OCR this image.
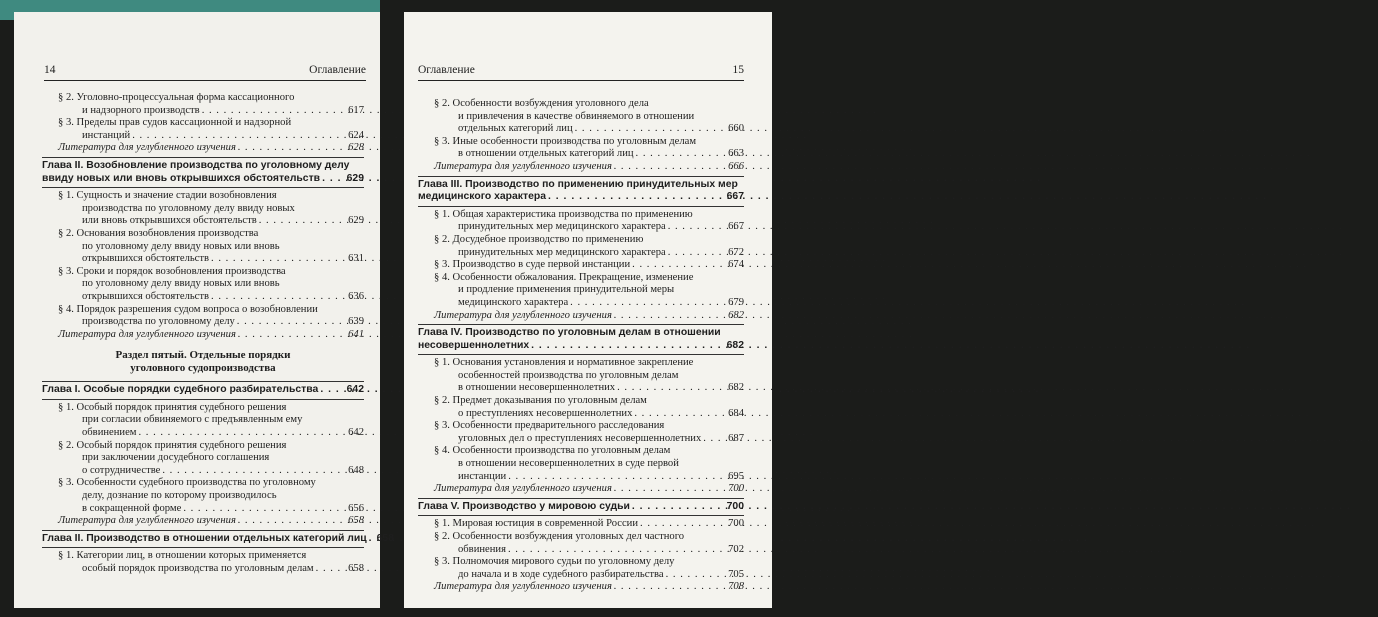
14	Оглавление
§ 2. Уголовно-процессуальная форма кассационного
и надзорного производств . . .	617
§ 3. Пределы прав судов кассационной и надзорной
инстанций . . .	624
Литература для углубленного изучения . . .	628
Глава II. Возобновление производства по уголовному делу
ввиду новых или вновь открывшихся обстоятельств . . .	629
§ 1. Сущность и значение стадии возобновления
производства по уголовному делу ввиду новых
или вновь открывшихся обстоятельств . . .	629
§ 2. Основания возобновления производства
по уголовному делу ввиду новых или вновь
открывшихся обстоятельств . . .	631
§ 3. Сроки и порядок возобновления производства
по уголовному делу ввиду новых или вновь
открывшихся обстоятельств . . .	636
§ 4. Порядок разрешения судом вопроса о возобновлении
производства по уголовному делу . . .	639
Литература для углубленного изучения . . .	641
Раздел пятый. Отдельные порядки
уголовного судопроизводства
Глава I. Особые порядки судебного разбирательства . . .	642
§ 1. Особый порядок принятия судебного решения
при согласии обвиняемого с предъявленным ему
обвинением . . .	642
§ 2. Особый порядок принятия судебного решения
при заключении досудебного соглашения
о сотрудничестве . . .	648
§ 3. Особенности судебного производства по уголовному
делу, дознание по которому производилось
в сокращенной форме . . .	656
Литература для углубленного изучения . . .	658
Глава II. Производство в отношении отдельных категорий лиц . . . 658
§ 1. Категории лиц, в отношении которых применяется
особый порядок производства по уголовным делам . . .	658
Оглавление	15
§ 2. Особенности возбуждения уголовного дела
и привлечения в качестве обвиняемого в отношении
отдельных категорий лиц . . .	660
§ 3. Иные особенности производства по уголовным делам
в отношении отдельных категорий лиц . . .	663
Литература для углубленного изучения . . .	666
Глава III. Производство по применению принудительных мер
медицинского характера . . .	667
§ 1. Общая характеристика производства по применению
принудительных мер медицинского характера . . .	667
§ 2. Досудебное производство по применению
принудительных мер медицинского характера . . .	672
§ 3. Производство в суде первой инстанции . . .	674
§ 4. Особенности обжалования. Прекращение, изменение
и продление применения принудительной меры
медицинского характера . . .	679
Литература для углубленного изучения . . .	682
Глава IV. Производство по уголовным делам в отношении
несовершеннолетних . . .	682
§ 1. Основания установления и нормативное закрепление
особенностей производства по уголовным делам
в отношении несовершеннолетних . . .	682
§ 2. Предмет доказывания по уголовным делам
о преступлениях несовершеннолетних . . .	684
§ 3. Особенности предварительного расследования
уголовных дел о преступлениях несовершеннолетних . . .	687
§ 4. Особенности производства по уголовным делам
в отношении несовершеннолетних в суде первой
инстанции . . .	695
Литература для углубленного изучения . . .	700
Глава V. Производство у мировою судьи . . .	700
§ 1. Мировая юстиция в современной России . . .	700
§ 2. Особенности возбуждения уголовных дел частного
обвинения . . .	702
§ 3. Полномочия мирового судьи по уголовному делу
до начала и в ходе судебного разбирательства . . .	705
Литература для углубленного изучения . . .	708
